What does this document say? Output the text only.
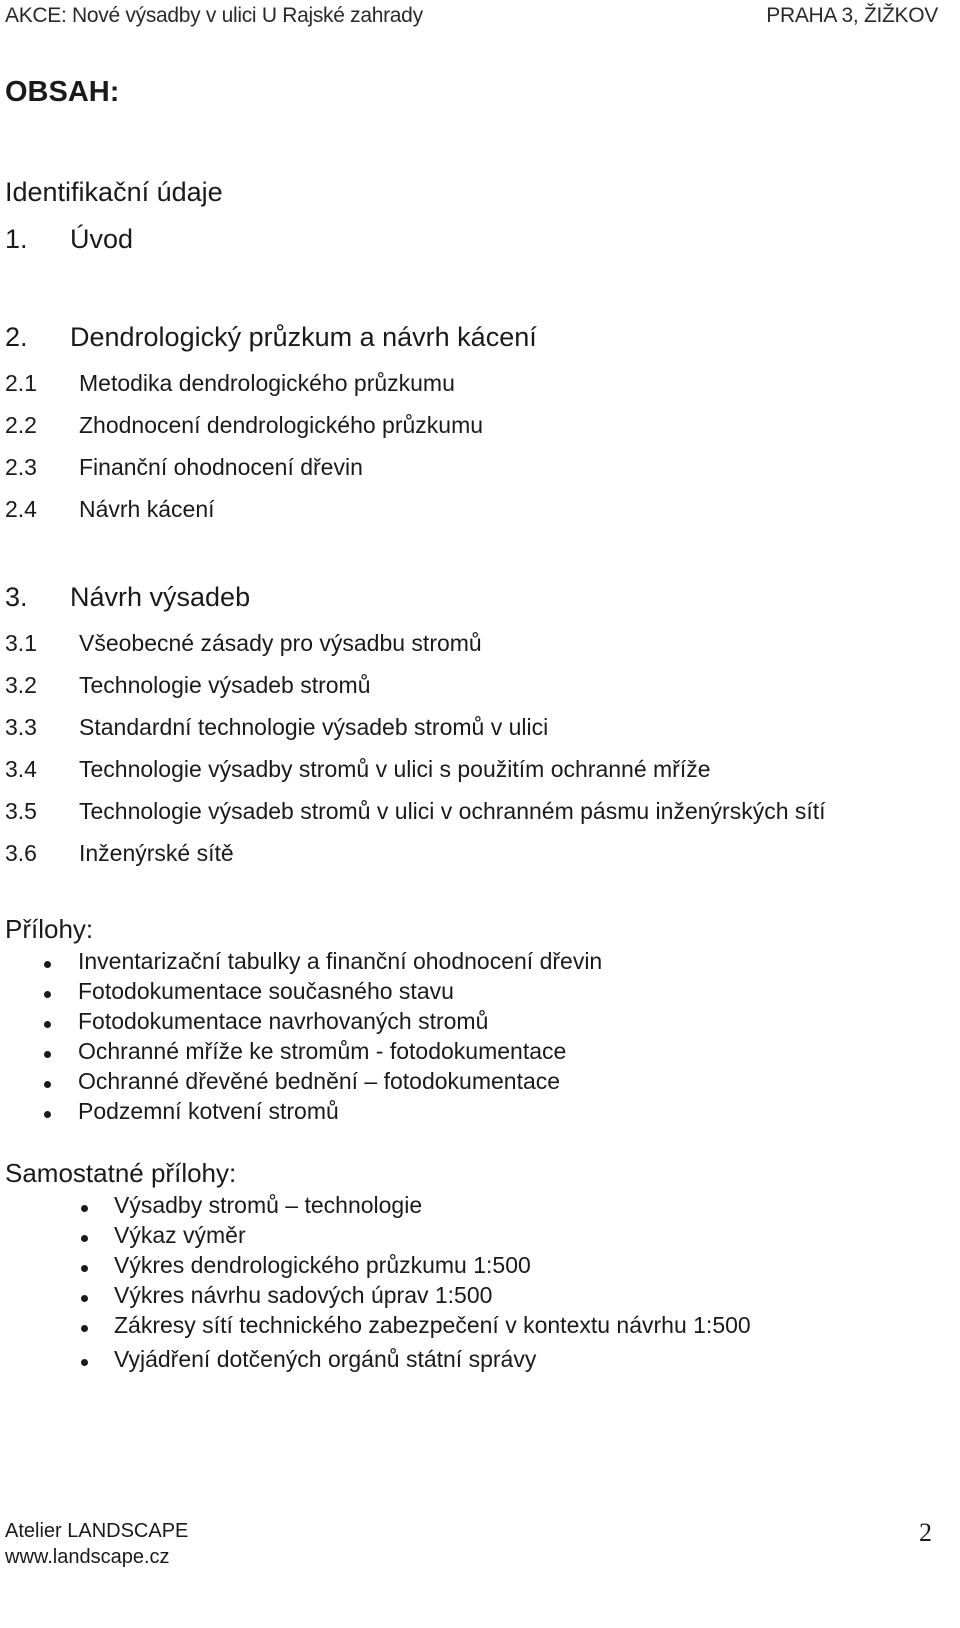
AKCE: Nové výsadby v ulici U Rajské zahrady	PRAHA 3, ŽIŽKOV
OBSAH:
Identifikační údaje
1. Úvod
2. Dendrologický průzkum a návrh kácení
2.1 Metodika dendrologického průzkumu
2.2 Zhodnocení dendrologického průzkumu
2.3 Finanční ohodnocení dřevin
2.4 Návrh kácení
3. Návrh výsadeb
3.1 Všeobecné zásady pro výsadbu stromů
3.2 Technologie výsadeb stromů
3.3 Standardní technologie výsadeb stromů v ulici
3.4 Technologie výsadby stromů v ulici s použitím ochranné mříže
3.5 Technologie výsadeb stromů v ulici v ochranném pásmu inženýrských sítí
3.6 Inženýrské sítě
Přílohy:
Inventarizační tabulky a finanční ohodnocení dřevin
Fotodokumentace současného stavu
Fotodokumentace navrhovaných stromů
Ochranné mříže ke stromům - fotodokumentace
Ochranné dřevěné bednění – fotodokumentace
Podzemní kotvení stromů
Samostatné přílohy:
Výsadby stromů – technologie
Výkaz výměr
Výkres dendrologického průzkumu 1:500
Výkres návrhu sadových úprav 1:500
Zákresy sítí technického zabezpečení v kontextu návrhu 1:500
Vyjádření dotčených orgánů státní správy
Atelier LANDSCAPE
www.landscape.cz
2
